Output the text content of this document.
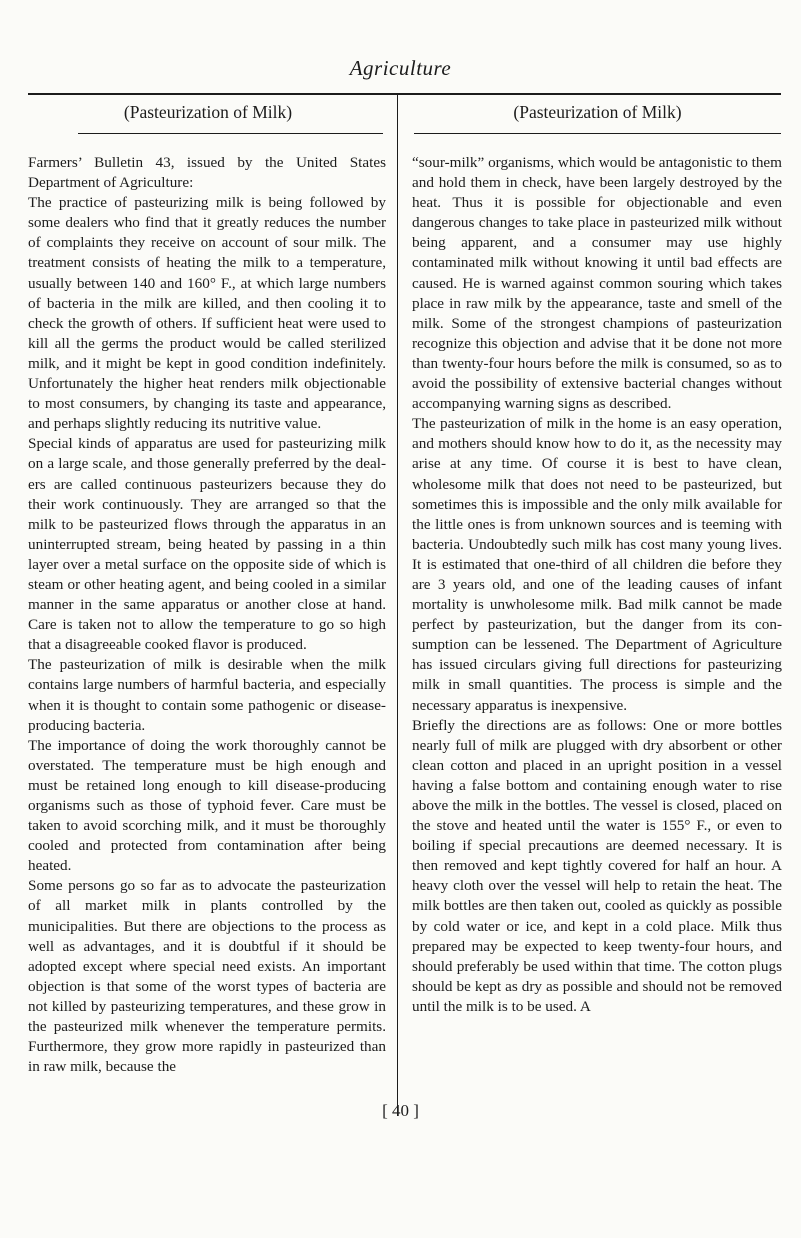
Agriculture
(Pasteurization of Milk)	(Pasteurization of Milk)

Farmers’ Bulletin 43, issued by the United States Department of Agriculture:

The practice of pasteurizing milk is being followed by some dealers who find that it greatly reduces the number of complaints they receive on account of sour milk. The treatment consists of heating the milk to a temperature, usually between 140 and 160° F., at which large numbers of bacteria in the milk are killed, and then cooling it to check the growth of others. If sufficient heat were used to kill all the germs the product would be called sterilized milk, and it might be kept in good condition indefinitely. Unfortunately the higher heat renders milk objectionable to most consumers, by changing its taste and appearance, and perhaps slightly reducing its nutritive value.

Special kinds of apparatus are used for pasteurizing milk on a large scale, and those generally preferred by the dealers are called continuous pasteurizers because they do their work continuously. They are arranged so that the milk to be pasteurized flows through the apparatus in an uninterrupted stream, being heated by passing in a thin layer over a metal surface on the opposite side of which is steam or other heating agent, and being cooled in a similar manner in the same apparatus or another close at hand. Care is taken not to allow the temperature to go so high that a disagreeable cooked flavor is produced.

The pasteurization of milk is desirable when the milk contains large numbers of harmful bacteria, and especially when it is thought to contain some pathogenic or disease-producing bacteria.

The importance of doing the work thoroughly cannot be overstated. The temperature must be high enough and must be retained long enough to kill disease-producing organisms such as those of typhoid fever. Care must be taken to avoid scorching milk, and it must be thoroughly cooled and protected from contamination after being heated.

Some persons go so far as to advocate the pasteurization of all market milk in plants controlled by the municipalities. But there are objections to the process as well as advantages, and it is doubtful if it should be adopted except where special need exists. An important objection is that some of the worst types of bacteria are not killed by pasteurizing temperatures, and these grow in the pasteurized milk whenever the temperature permits. Furthermore, they grow more rapidly in pasteurized than in raw milk, because the

“sour-milk” organisms, which would be antagonistic to them and hold them in check, have been largely destroyed by the heat. Thus it is possible for objectionable and even dangerous changes to take place in pasteurized milk without being apparent, and a consumer may use highly contaminated milk without knowing it until bad effects are caused. He is warned against common souring which takes place in raw milk by the appearance, taste and smell of the milk. Some of the strongest champions of pasteurization recognize this objection and advise that it be done not more than twenty-four hours before the milk is consumed, so as to avoid the possibility of extensive bacterial changes without accompanying warning signs as described.

The pasteurization of milk in the home is an easy operation, and mothers should know how to do it, as the necessity may arise at any time. Of course it is best to have clean, wholesome milk that does not need to be pasteurized, but sometimes this is impossible and the only milk available for the little ones is from unknown sources and is teeming with bacteria. Undoubtedly such milk has cost many young lives. It is estimated that one-third of all children die before they are 3 years old, and one of the leading causes of infant mortality is unwholesome milk. Bad milk cannot be made perfect by pasteurization, but the danger from its consumption can be lessened. The Department of Agriculture has issued circulars giving full directions for pasteurizing milk in small quantities. The process is simple and the necessary apparatus is inexpensive.

Briefly the directions are as follows: One or more bottles nearly full of milk are plugged with dry absorbent or other clean cotton and placed in an upright position in a vessel having a false bottom and containing enough water to rise above the milk in the bottles. The vessel is closed, placed on the stove and heated until the water is 155° F., or even to boiling if special precautions are deemed necessary. It is then removed and kept tightly covered for half an hour. A heavy cloth over the vessel will help to retain the heat. The milk bottles are then taken out, cooled as quickly as possible by cold water or ice, and kept in a cold place. Milk thus prepared may be expected to keep twenty-four hours, and should preferably be used within that time. The cotton plugs should be kept as dry as possible and should not be removed until the milk is to be used. A

[ 40 ]
